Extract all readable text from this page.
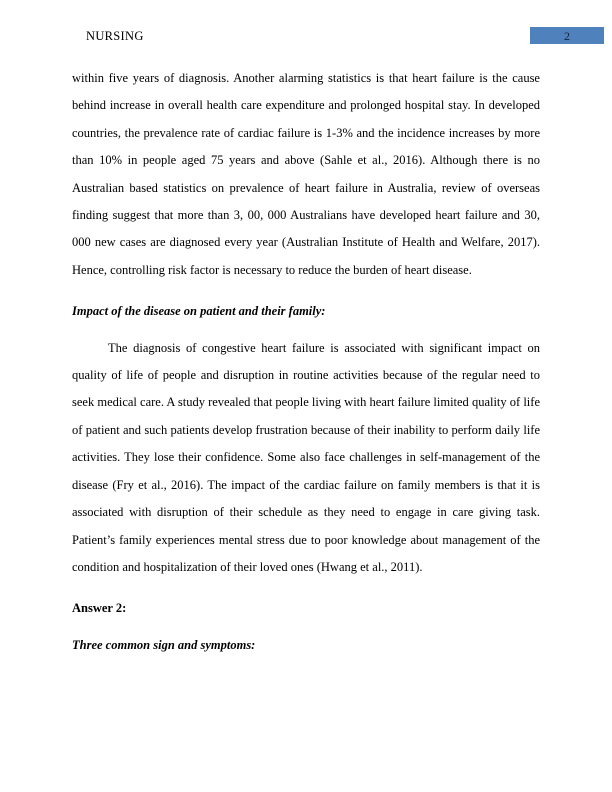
NURSING	2

within five years of diagnosis. Another alarming statistics is that heart failure is the cause behind increase in overall health care expenditure and prolonged hospital stay. In developed countries, the prevalence rate of cardiac failure is 1-3% and the incidence increases by more than 10% in people aged 75 years and above (Sahle et al., 2016). Although there is no Australian based statistics on prevalence of heart failure in Australia, review of overseas finding suggest that more than 3, 00, 000 Australians have developed heart failure and 30, 000 new cases are diagnosed every year (Australian Institute of Health and Welfare, 2017). Hence, controlling risk factor is necessary to reduce the burden of heart disease.

Impact of the disease on patient and their family:

The diagnosis of congestive heart failure is associated with significant impact on quality of life of people and disruption in routine activities because of the regular need to seek medical care. A study revealed that people living with heart failure limited quality of life of patient and such patients develop frustration because of their inability to perform daily life activities. They lose their confidence. Some also face challenges in self-management of the disease (Fry et al., 2016). The impact of the cardiac failure on family members is that it is associated with disruption of their schedule as they need to engage in care giving task. Patient’s family experiences mental stress due to poor knowledge about management of the condition and hospitalization of their loved ones (Hwang et al., 2011).

Answer 2:

Three common sign and symptoms:
